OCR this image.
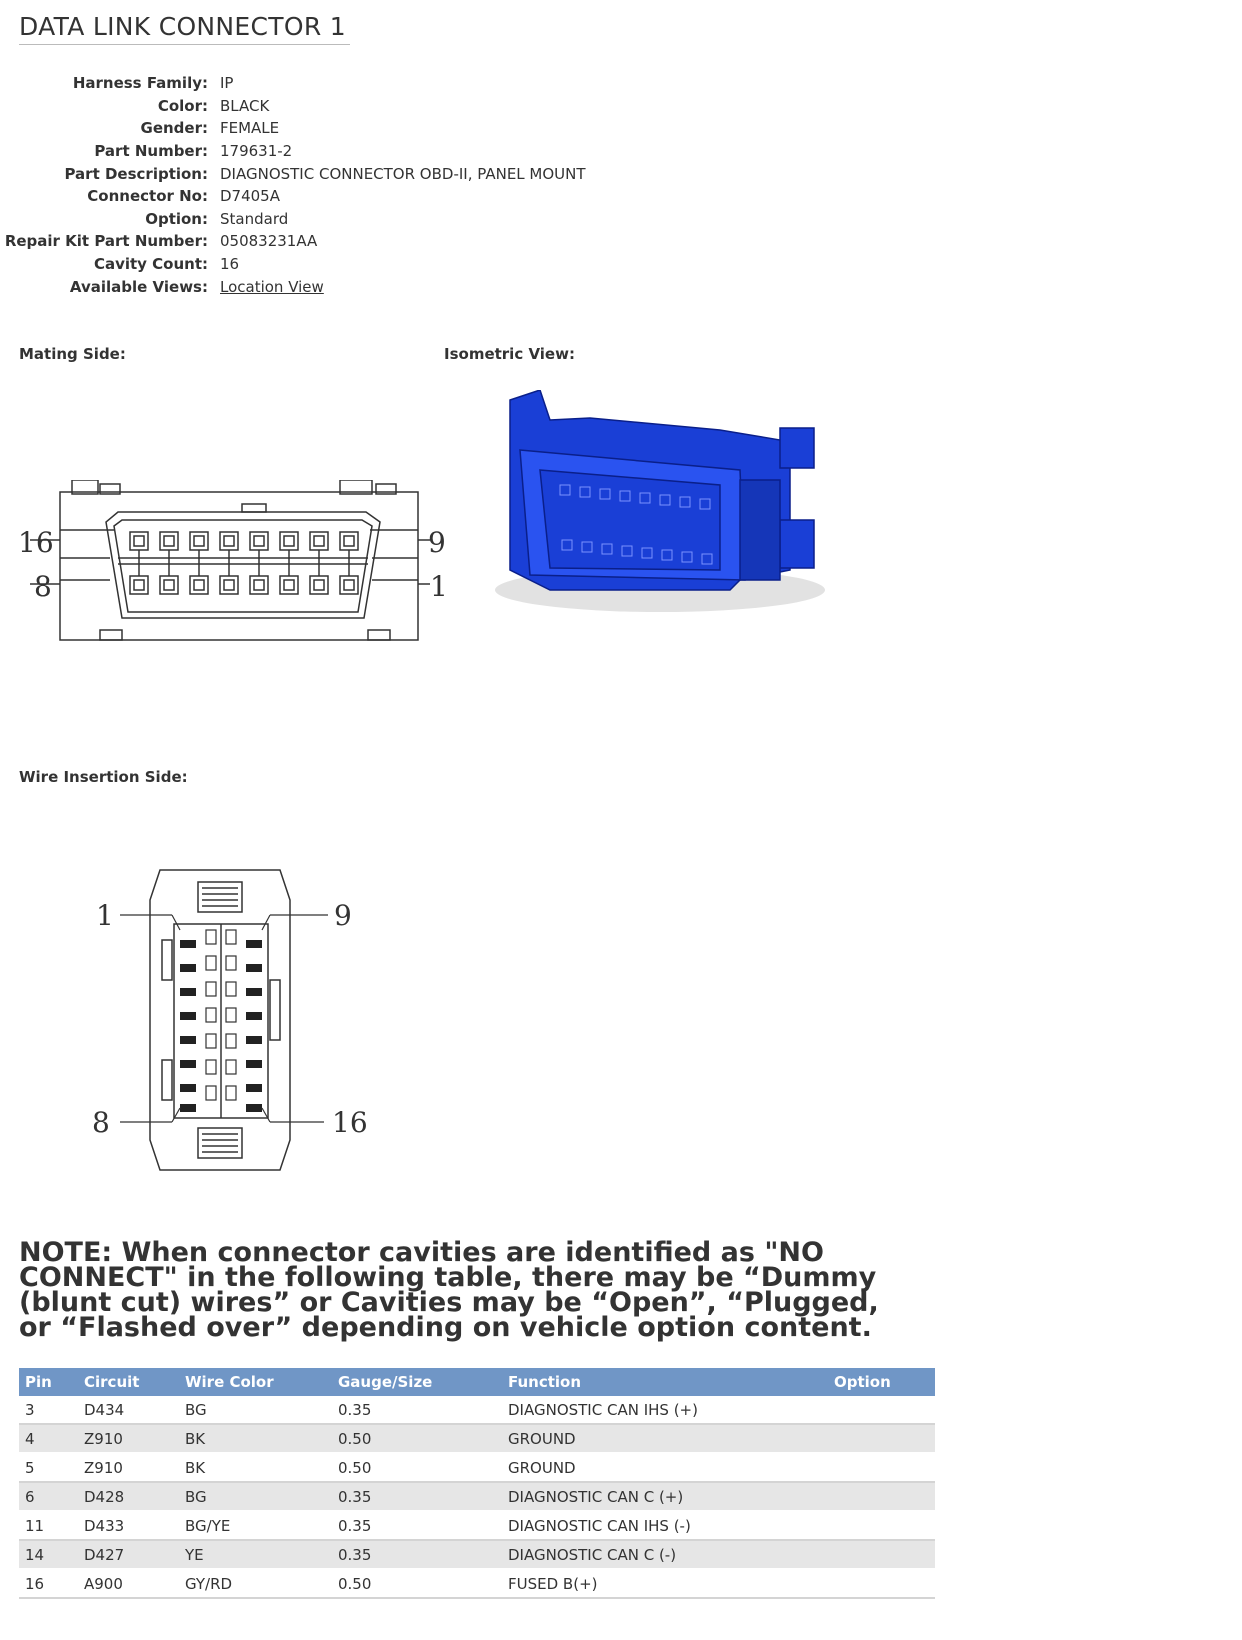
DATA LINK CONNECTOR 1
Harness Family: IP
Color: BLACK
Gender: FEMALE
Part Number: 179631-2
Part Description: DIAGNOSTIC CONNECTOR OBD-II, PANEL MOUNT
Connector No: D7405A
Option: Standard
Repair Kit Part Number: 05083231AA
Cavity Count: 16
Available Views: Location View
Mating Side:	Isometric View:
Wire Insertion Side:
16
8
9
1
1
8
9
16
NOTE: When connector cavities are identified as "NO CONNECT" in the following table, there may be “Dummy (blunt cut) wires” or Cavities may be “Open”, “Plugged, or “Flashed over” depending on vehicle option content.
Pin	Circuit	Wire Color	Gauge/Size	Function	Option
3	D434	BG	0.35	DIAGNOSTIC CAN IHS (+)	
4	Z910	BK	0.50	GROUND	
5	Z910	BK	0.50	GROUND	
6	D428	BG	0.35	DIAGNOSTIC CAN C (+)	
11	D433	BG/YE	0.35	DIAGNOSTIC CAN IHS (-)	
14	D427	YE	0.35	DIAGNOSTIC CAN C (-)	
16	A900	GY/RD	0.50	FUSED B(+)	
